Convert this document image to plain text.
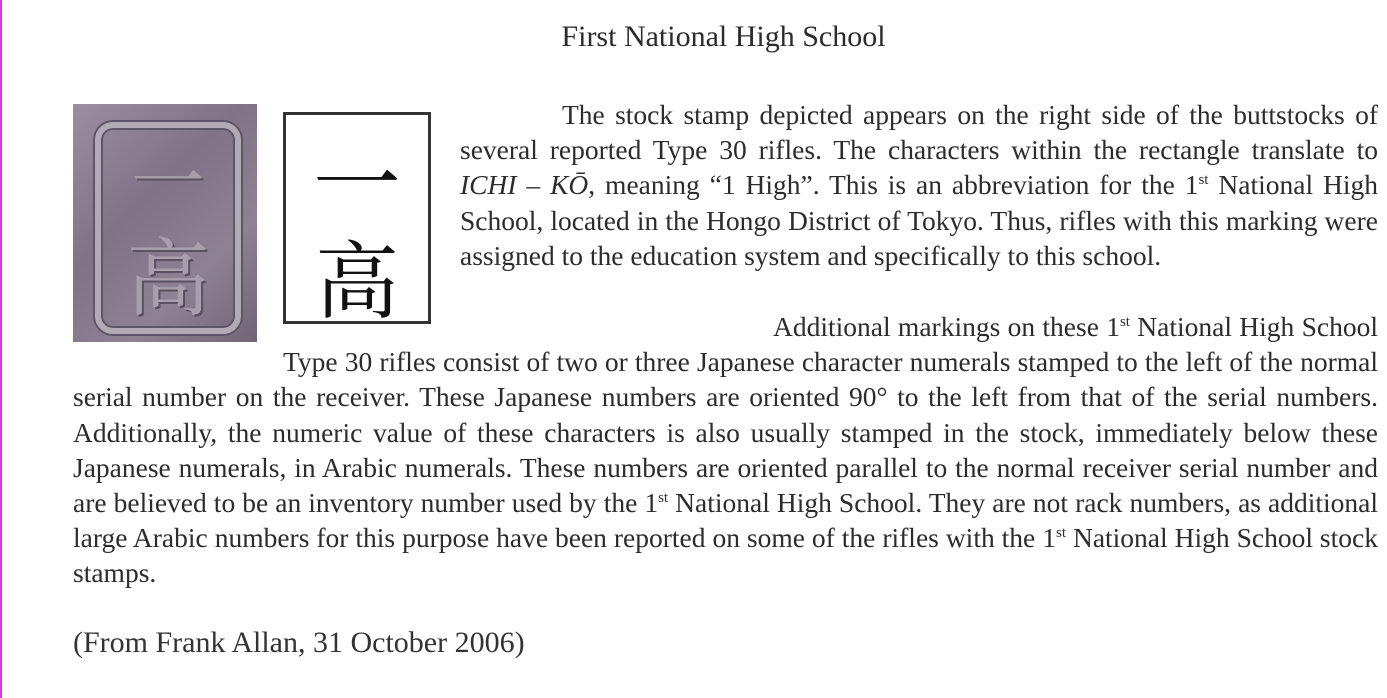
First National High School
一
高
一
高

The stock stamp depicted appears on the right side of the buttstocks of several reported Type 30 rifles. The characters within the rectangle translate to ICHI – KŌ, meaning “1 High”. This is an abbreviation for the 1st National High School, located in the Hongo District of Tokyo. Thus, rifles with this marking were assigned to the education system and specifically to this school.

Additional markings on these 1st National High School Type 30 rifles consist of two or three Japanese character numerals stamped to the left of the normal serial number on the receiver. These Japanese numbers are oriented 90° to the left from that of the serial numbers. Additionally, the numeric value of these characters is also usually stamped in the stock, immediately below these Japanese numerals, in Arabic numerals. These numbers are oriented parallel to the normal receiver serial number and are believed to be an inventory number used by the 1st National High School. They are not rack numbers, as additional large Arabic numbers for this purpose have been reported on some of the rifles with the 1st National High School stock stamps.

(From Frank Allan, 31 October 2006)
